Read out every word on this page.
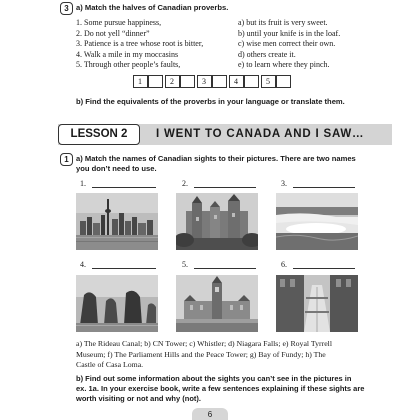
3 a) Match the halves of Canadian proverbs.
1. Some pursue happiness,
2. Do not yell “dinner”
3. Patience is a tree whose root is bitter,
4. Walk a mile in my moccasins
5. Through other people’s faults,
a) but its fruit is very sweet.
b) until your knife is in the loaf.
c) wise men correct their own.
d) others create it.
e) to learn where they pinch.
1	2	3	4	5
b) Find the equivalents of the proverbs in your language or translate them.
LESSON 2	I WENT TO CANADA AND I SAW…
1 a) Match the names of Canadian sights to their pictures. There are two names
you don’t need to use.
1.	2.	3.
4.	5.	6.
a) The Rideau Canal; b) CN Tower; c) Whistler; d) Niagara Falls; e) Royal Tyrrell
Museum; f) The Parliament Hills and the Peace Tower; g) Bay of Fundy; h) The
Castle of Casa Loma.
b) Find out some information about the sights you can’t see in the pictures in
ex. 1a. In your exercise book, write a few sentences explaining if these sights are
worth visiting or not and why (not).
6
